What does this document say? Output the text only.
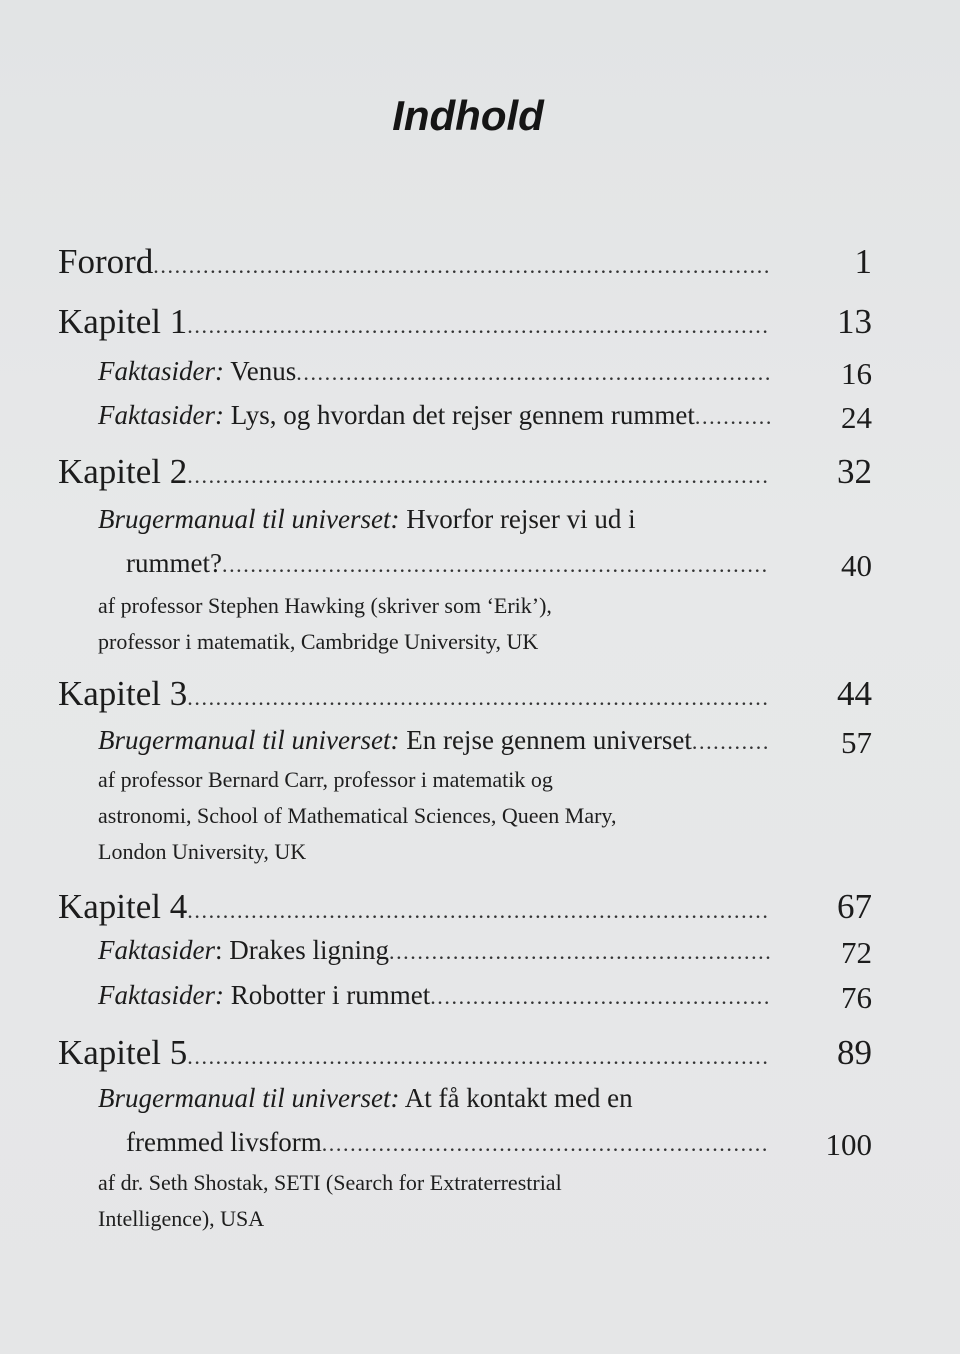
Indhold
Forord .....	1
Kapitel 1 .....	13
Faktasider: Venus .....	16
Faktasider: Lys, og hvordan det rejser gennem rummet .....	24
Kapitel 2 .....	32
Brugermanual til universet: Hvorfor rejser vi ud i
rummet? .....	40
af professor Stephen Hawking (skriver som ‘Erik’),
professor i matematik, Cambridge University, UK
Kapitel 3 .....	44
Brugermanual til universet: En rejse gennem universet .....	57
af professor Bernard Carr, professor i matematik og
astronomi, School of Mathematical Sciences, Queen Mary,
London University, UK
Kapitel 4 .....	67
Faktasider: Drakes ligning .....	72
Faktasider: Robotter i rummet .....	76
Kapitel 5 .....	89
Brugermanual til universet: At få kontakt med en
fremmed livsform .....	100
af dr. Seth Shostak, SETI (Search for Extraterrestrial
Intelligence), USA
